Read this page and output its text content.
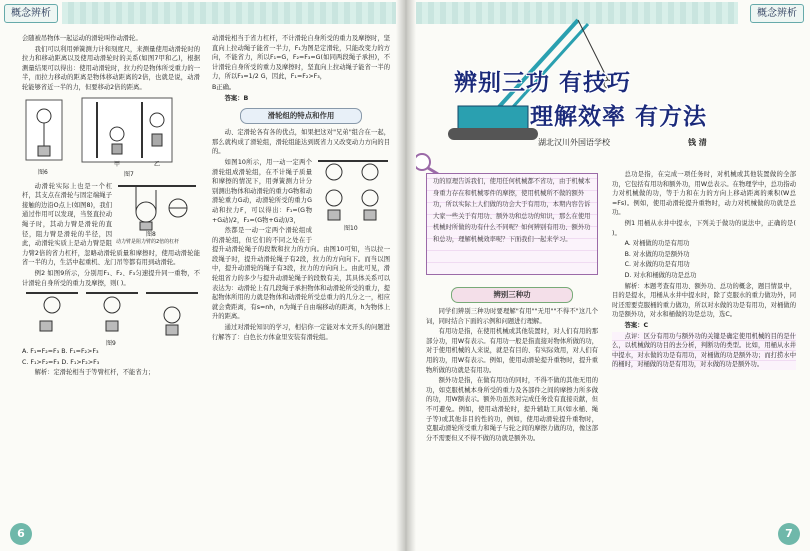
概念辨析

会随被吊物体一起运动的滑轮叫作动滑轮。

我们可以利用弹簧测力计和刻度尺，来测量使用动滑轮时的拉力和移动距离以及使用动滑轮时的关系(如图7甲和乙)，根据测量结果可以得出：使用动滑轮时，拉力约是物体所受重力的一半，而拉力移动的距离是物体移动距离的2倍，也就是说，动滑轮能够省近一半的力，但要移动2倍的距离。

图6
甲	乙
图7
图8
动力臂是阻力臂的2倍的杠杆

动滑轮实际上也是一个杠杆，其支点在滑轮与固定端绳子接触的边沿O点上(如图8)，我们通过作用可以发现，当竖直拉动绳子时，其动力臂是滑轮的直径，阻力臂是滑轮的半径，因此，动滑轮实质上是动力臂是阻力臂2倍的省力杠杆，忽略动滑轮质量和摩擦时，使用动滑轮能省一半的力，生活中起重机、龙门吊等都有用到动滑轮。

例2 如图9所示，分别用F₁、F₂、F₃匀速提升同一重物，不计滑轮自身所受的重力及摩擦，则( )。

图9

A. F₁=F₂=F₃ B. F₁=F₂>F₃

C. F₁>F₂=F₃ D. F₁>F₂>F₃

解析：定滑轮相当于等臂杠杆，不能省力；

动滑轮相当于省力杠杆，不计滑轮自身所受的重力及摩擦时，坚直向上拉动绳子能省一半力，F₁为图是定滑轮，只能改变力的方向，不能省力，所以F₁=G，F₂=F₃=G(如同两段绳子承担)，不计滑轮自身所受的重力及摩擦时，坚直向上拉动绳子能省一半的力，所以F₃=1/2 G，因此，F₁=F₂>F₃，

B正确。

答案：B

滑轮组的特点和作用

动、定滑轮各有各的优点，如果把这对"兄弟"组合在一起，那么就构成了滑轮组，滑轮组能达到既省力又改变动力方向的目的。

图10

如图10所示，用一动一定两个滑轮组成滑轮组，在不计绳子质量和摩擦的情况下，用弹簧测力计分别测出物体和动滑轮的重力G物和动滑轮重力G动，动滑轮所受的重力G动和拉力F，可以得出：F₁=(G物+G动)/2，F₂=(G物+G动)/3，

然都是一动一定两个滑轮组成的滑轮组，但它们的不同之处在于提升动滑轮绳子的段数和拉力的方向。由图10可知，当以拉一段绳子时，提升动滑轮绳子有2段，拉力的方向向下。而当以图中，提升动滑轮的绳子有3段，拉力的方向向上。由此可见，滑轮组省力的多少与提升动滑轮绳子的段数有关，其具体关系可以表达为：动滑轮上有几段绳子承担物体和动滑轮所受的重力，提起物体所用的力就是物体和动滑轮所受总重力的几分之一，相应就会费距离，有s=nh，n为绳子自由端移动的距离，h为物体上升的距离。

通过对滑轮知识的学习，相信你一定能对本文开头的问题进行解答了：白色长方体盒里安装有滑轮组。

6
概念辨析
辨别三功 有技巧
理解效率 有方法
湖北汉川外国语学校	钱 清
功的原理告诉我们，使用任何机械都不省功，由于机械本身重力存在和机械零件的摩擦，使用机械所不做的额外功，所以实际上人们做的功会大于有用功，本期内容告诉大家一些关于有用功、额外功和总功的知识，那么在使用机械时所做的功有什么不同呢？如何辨别有用功、额外功和总功，理解机械效率呢？下面我们一起来学习。
辨别三种功

同学们辨别三种功时要理解"有用""无用""不得不"这几个词，同时结合下面的示例和问题进行理解。

有用功是指，在使用机械或其他装置时，对人们有用的那部分功，用W有表示。有用功一般是指直接对物体所做的功，对于使用机械的人来说，就是有目的、有实际效用，对人们有用的功，用W有表示。例如，使用动滑轮提升重物时，提升重物所做的功就是有用功。

额外功是指，在做有用功的同时，不得不做的其他无用的功，如克服机械本身所受的重力及各部件之间的摩擦力所多做的功，用W额表示。额外功虽然对完成任务没有直接贡献，但不可避免。例如，使用动滑轮时，提升辅助工具(如水桶、绳子等)或其他非目的性的功，例如，使用动滑轮提升重物时，克服动滑轮所受重力和绳子与轮之间的摩擦力做的功，像这部分不需要但又不得不做的功就是额外功。

总功是指，在完成一项任务时，对机械或其他装置做的全部功，它包括有用功和额外功，用W总表示。在物理学中，总功指动力对机械做的功，等于力和在力的方向上移动距离的乘积(W总=Fs)。例如，使用动滑轮提升重物时，动力对机械做的功就是总功。

例1 用桶从水井中提水，下列关于做功的说法中，正确的是( )。

A. 对桶做的功是有用功

B. 对水做的功是额外功

C. 对水做的功是有用功

D. 对水和桶做的功是总功

解析：本题考查有用功、额外功、总功的概念，题目情景中，目的是提水，用桶从水井中提水时，除了克服水的重力做功外，同时还需要克服桶的重力做功，所以对水做的功是有用功，对桶做的功是额外功，对水和桶做的功是总功，选C。

答案：C

点评：区分有用功与额外功的关键是确定使用机械的目的是什么，以机械做的功目的去分析，判断功的类型。比如，用桶从水井中提水，对水做的功是有用功，对桶做的功是额外功；而打捞水中的桶时，对桶做的功是有用功，对水做的功是额外功。

7
